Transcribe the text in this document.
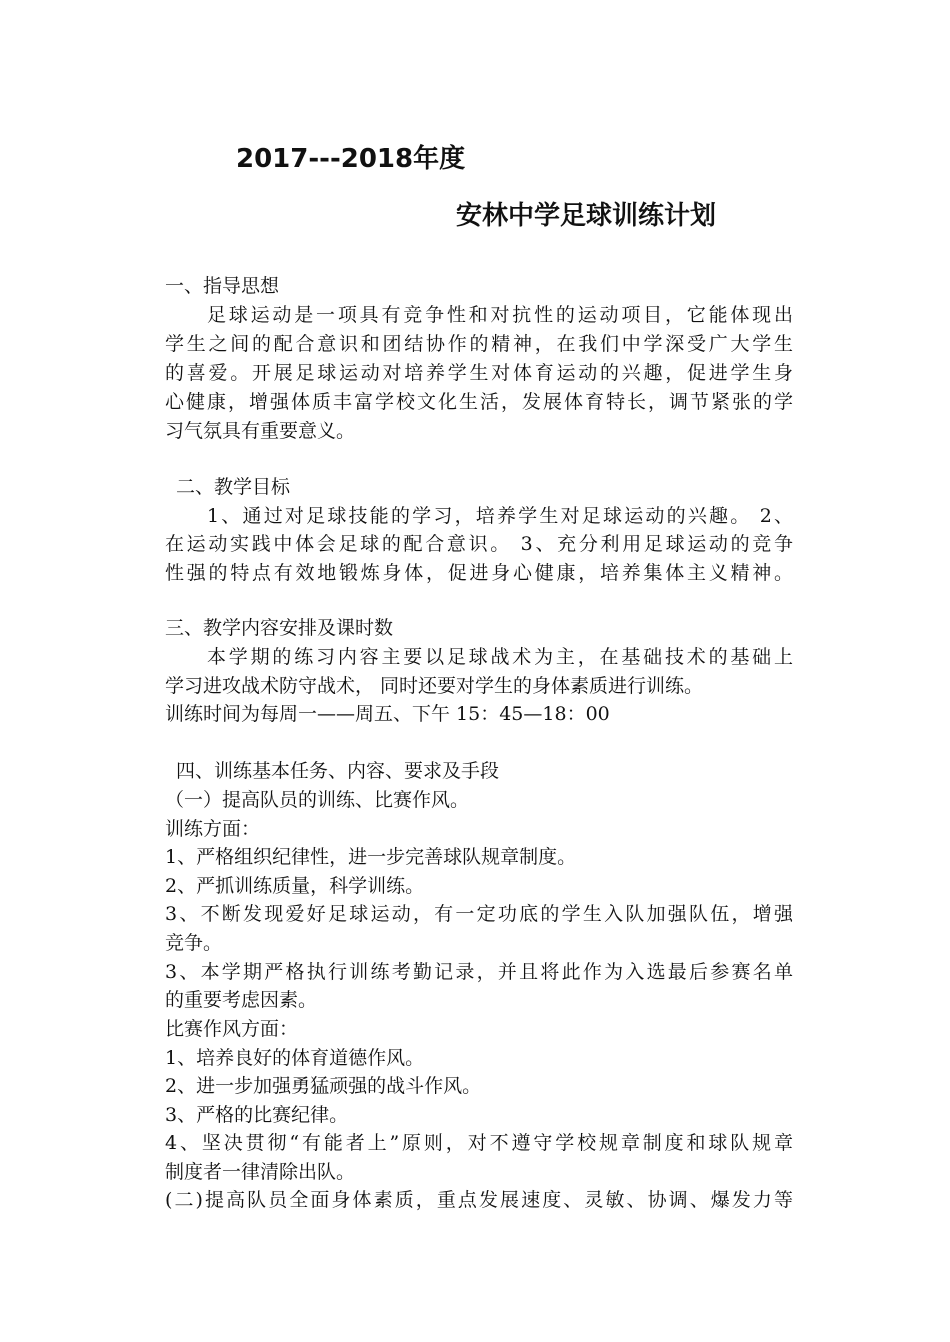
2017---2018年度
安林中学足球训练计划
一、指导思想
足球运动是一项具有竞争性和对抗性的运动项目，它能体现出
学生之间的配合意识和团结协作的精神，在我们中学深受广大学生
的喜爱。开展足球运动对培养学生对体育运动的兴趣，促进学生身
心健康，增强体质丰富学校文化生活，发展体育特长，调节紧张的学
习气氛具有重要意义。
二、教学目标
1、通过对足球技能的学习，培养学生对足球运动的兴趣。 2、
在运动实践中体会足球的配合意识。 3、充分利用足球运动的竞争
性强的特点有效地锻炼身体，促进身心健康，培养集体主义精神。
三、教学内容安排及课时数
本学期的练习内容主要以足球战术为主，在基础技术的基础上
学习进攻战术防守战术， 同时还要对学生的身体素质进行训练。
训练时间为每周一——周五、下午 15：45—18：00
四、训练基本任务、内容、要求及手段
（一）提高队员的训练、比赛作风。
训练方面：
1、严格组织纪律性，进一步完善球队规章制度。
2、严抓训练质量，科学训练。
3、不断发现爱好足球运动，有一定功底的学生入队加强队伍，增强
竞争。
3、本学期严格执行训练考勤记录，并且将此作为入选最后参赛名单
的重要考虑因素。
比赛作风方面：
1、培养良好的体育道德作风。
2、进一步加强勇猛顽强的战斗作风。
3、严格的比赛纪律。
4、坚决贯彻“有能者上”原则，对不遵守学校规章制度和球队规章
制度者一律清除出队。
(二)提高队员全面身体素质，重点发展速度、灵敏、协调、爆发力等
